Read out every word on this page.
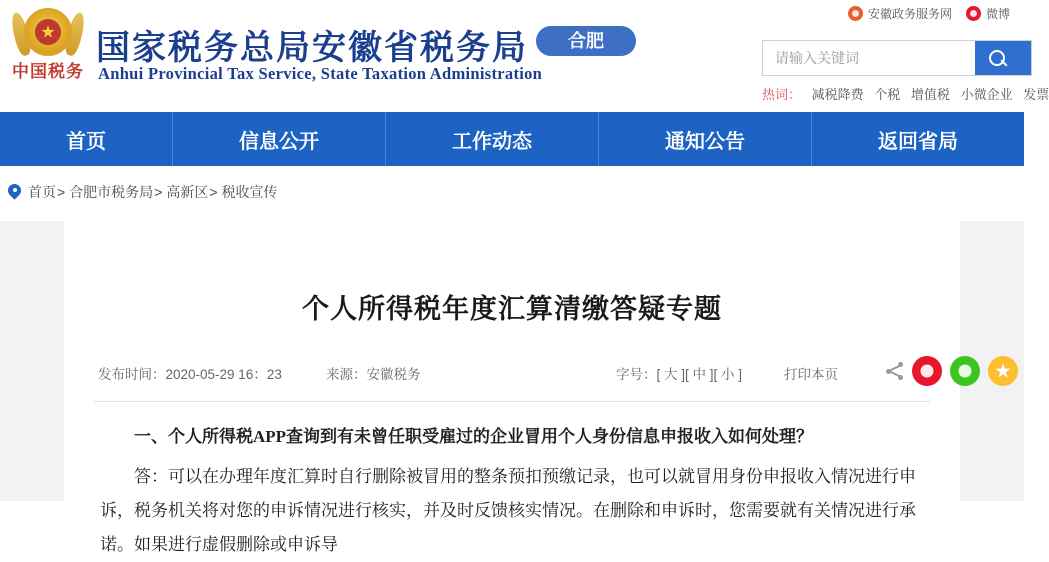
安徽政务服务网	微博
中国税务
国家税务总局安徽省税务局	合肥
Anhui Provincial Tax Service, State Taxation Administration
请输入关键词
热词： 减税降费 个税 增值税 小微企业 发票
首页	信息公开	工作动态	通知公告	返回省局
首页 > 合肥市税务局 > 高新区 > 税收宣传
个人所得税年度汇算清缴答疑专题
发布时间：2020-05-29 16：23	来源：安徽税务	字号：[ 大 ][ 中 ][ 小 ]	打印本页

一、个人所得税APP查询到有未曾任职受雇过的企业冒用个人身份信息申报收入如何处理？

答：可以在办理年度汇算时自行删除被冒用的整条预扣预缴记录，也可以就冒用身份申报收入情况进行申诉，税务机关将对您的申诉情况进行核实，并及时反馈核实情况。在删除和申诉时，您需要就有关情况进行承诺。如果进行虚假删除或申诉导
